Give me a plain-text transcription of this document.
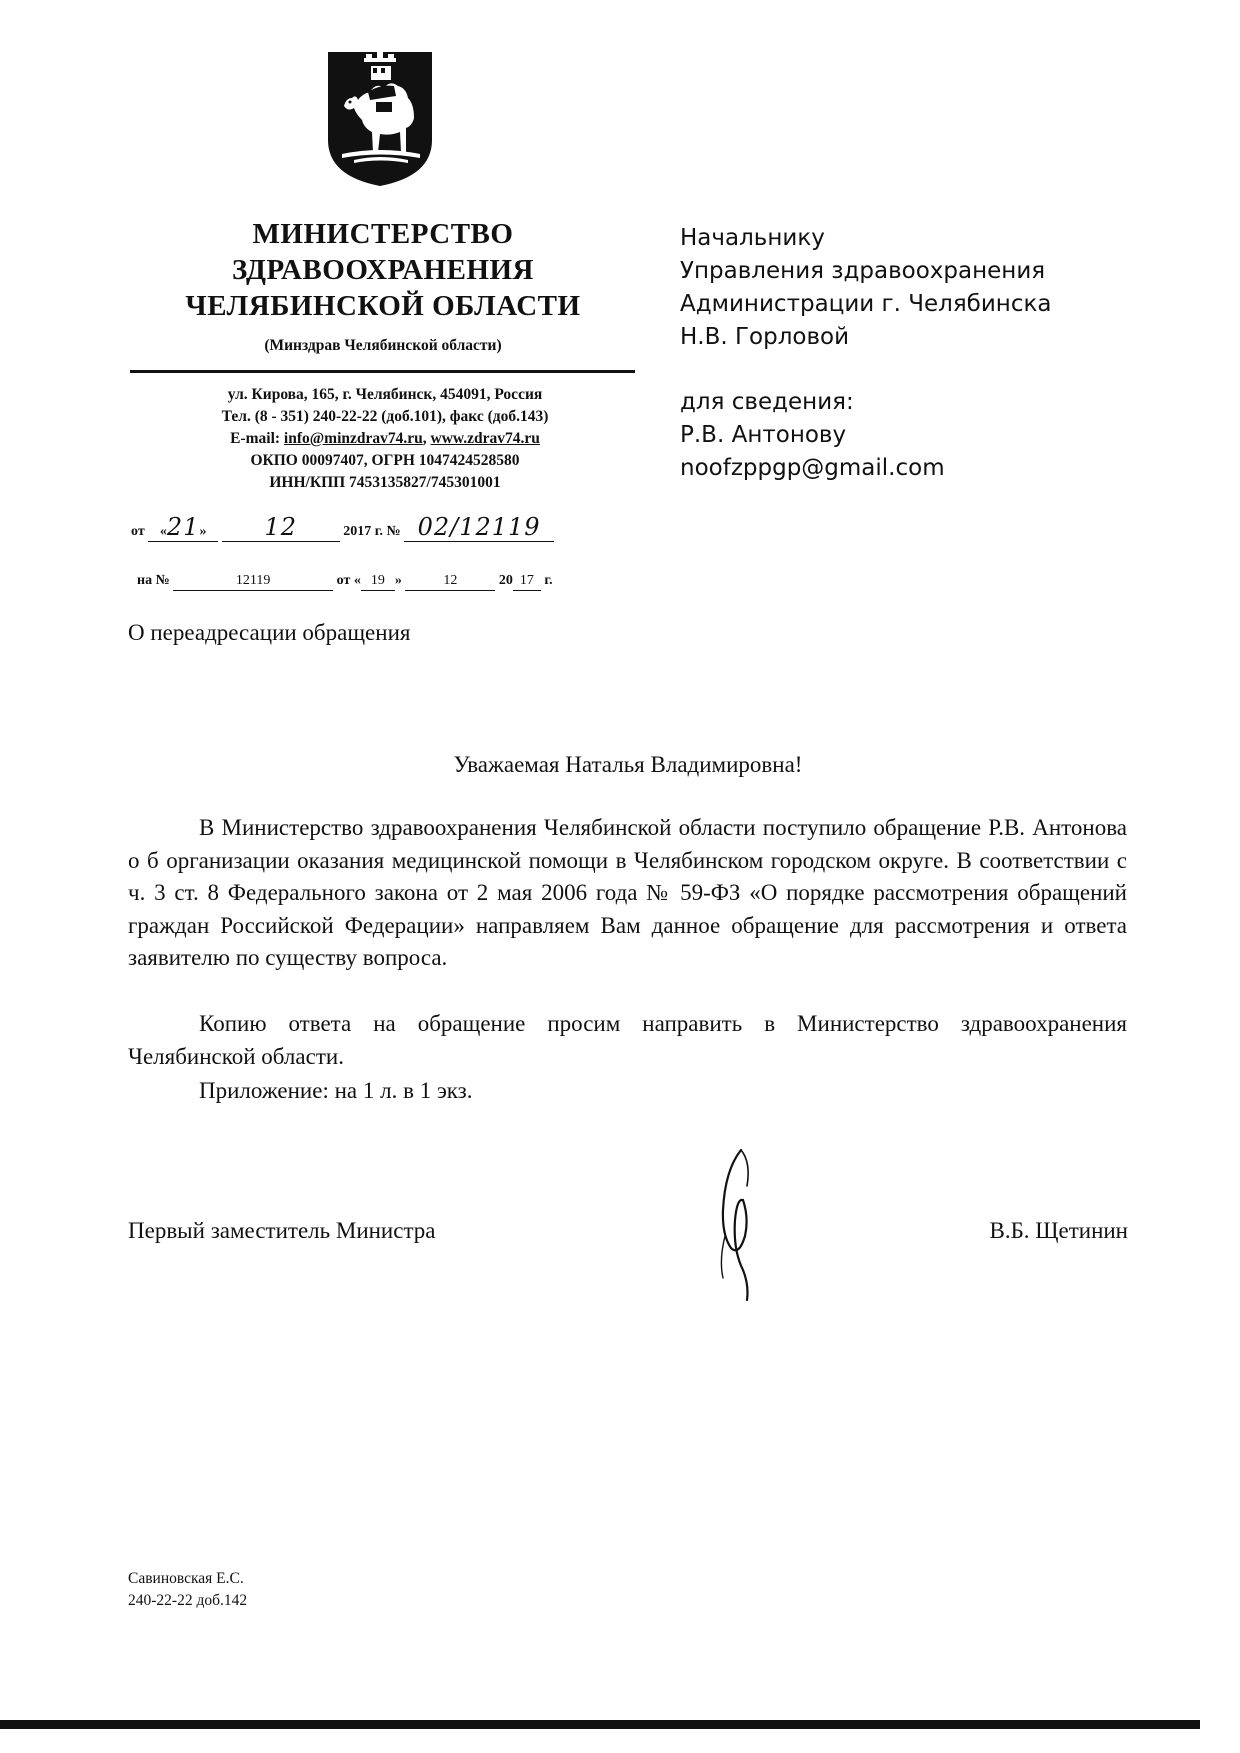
МИНИСТЕРСТВО
ЗДРАВООХРАНЕНИЯ
ЧЕЛЯБИНСКОЙ ОБЛАСТИ
(Минздрав Челябинской области)
ул. Кирова, 165, г. Челябинск, 454091, Россия
Тел. (8 - 351) 240-22-22 (доб.101), факс (доб.143)
E-mail: info@minzdrav74.ru, www.zdrav74.ru
ОКПО 00097407, ОГРН 1047424528580
ИНН/КПП 7453135827/745301001
от «21» 12	2017 г. № 02/12119
на №	12119	от « 19 »	12	20 17 г.
Начальнику
Управления здравоохранения
Администрации г. Челябинска
Н.В. Горловой
для сведения:
Р.В. Антонову
noofzppgp@gmail.com
О переадресации обращения
Уважаемая Наталья Владимировна!
В Министерство здравоохранения Челябинской области поступило обращение Р.В. Антонова о б организации оказания медицинской помощи в Челябинском городском округе. В соответствии с ч. 3 ст. 8 Федерального закона от 2 мая 2006 года № 59-ФЗ «О порядке рассмотрения обращений граждан Российской Федерации» направляем Вам данное обращение для рассмотрения и ответа заявителю по существу вопроса.
Копию ответа на обращение просим направить в Министерство здравоохранения Челябинской области.
Приложение: на 1 л. в 1 экз.
Первый заместитель Министра	В.Б. Щетинин
Савиновская Е.С.
240-22-22 доб.142
